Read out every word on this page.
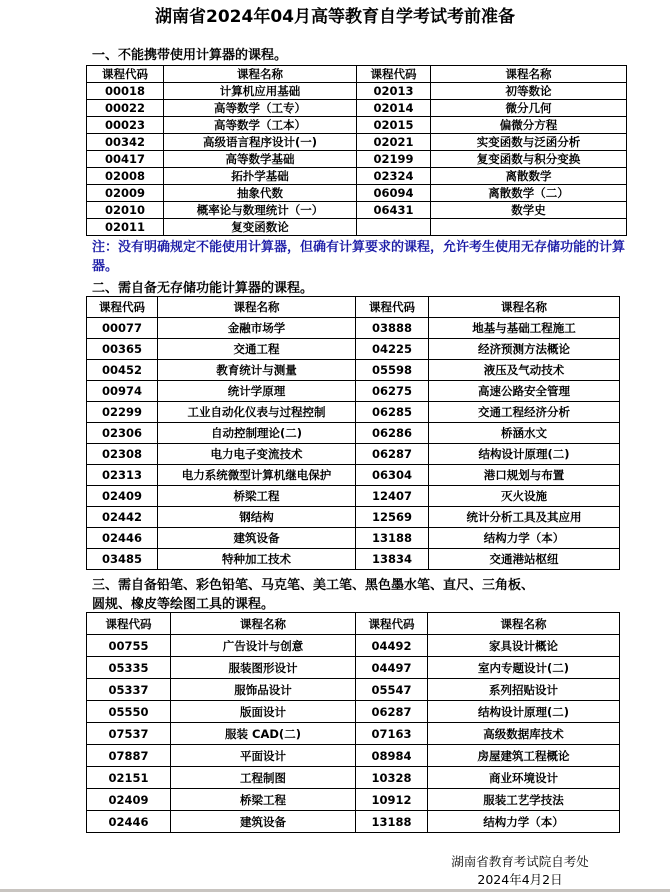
湖南省2024年04月高等教育自学考试考前准备
一、不能携带使用计算器的课程。
课程代码	课程名称	课程代码	课程名称
00018	计算机应用基础	02013	初等数论
00022	高等数学（工专）	02014	微分几何
00023	高等数学（工本）	02015	偏微分方程
00342	高级语言程序设计(一)	02021	实变函数与泛函分析
00417	高等数学基础	02199	复变函数与积分变换
02008	拓扑学基础	02324	离散数学
02009	抽象代数	06094	离散数学（二）
02010	概率论与数理统计（一）	06431	数学史
02011	复变函数论		
注：没有明确规定不能使用计算器，但确有计算要求的课程，允许考生使用无存储功能的计算器。
二、需自备无存储功能计算器的课程。
课程代码	课程名称	课程代码	课程名称
00077	金融市场学	03888	地基与基础工程施工
00365	交通工程	04225	经济预测方法概论
00452	教育统计与测量	05598	液压及气动技术
00974	统计学原理	06275	高速公路安全管理
02299	工业自动化仪表与过程控制	06285	交通工程经济分析
02306	自动控制理论(二)	06286	桥涵水文
02308	电力电子变流技术	06287	结构设计原理(二)
02313	电力系统微型计算机继电保护	06304	港口规划与布置
02409	桥梁工程	12407	灭火设施
02442	钢结构	12569	统计分析工具及其应用
02446	建筑设备	13188	结构力学（本）
03485	特种加工技术	13834	交通港站枢纽
三、需自备铅笔、彩色铅笔、马克笔、美工笔、黑色墨水笔、直尺、三角板、
圆规、橡皮等绘图工具的课程。
课程代码	课程名称	课程代码	课程名称
00755	广告设计与创意	04492	家具设计概论
05335	服装图形设计	04497	室内专题设计(二)
05337	服饰品设计	05547	系列招贴设计
05550	版面设计	06287	结构设计原理(二)
07537	服装 CAD(二)	07163	高级数据库技术
07887	平面设计	08984	房屋建筑工程概论
02151	工程制图	10328	商业环境设计
02409	桥梁工程	10912	服装工艺学技法
02446	建筑设备	13188	结构力学（本）
湖南省教育考试院自考处
2024年4月2日
